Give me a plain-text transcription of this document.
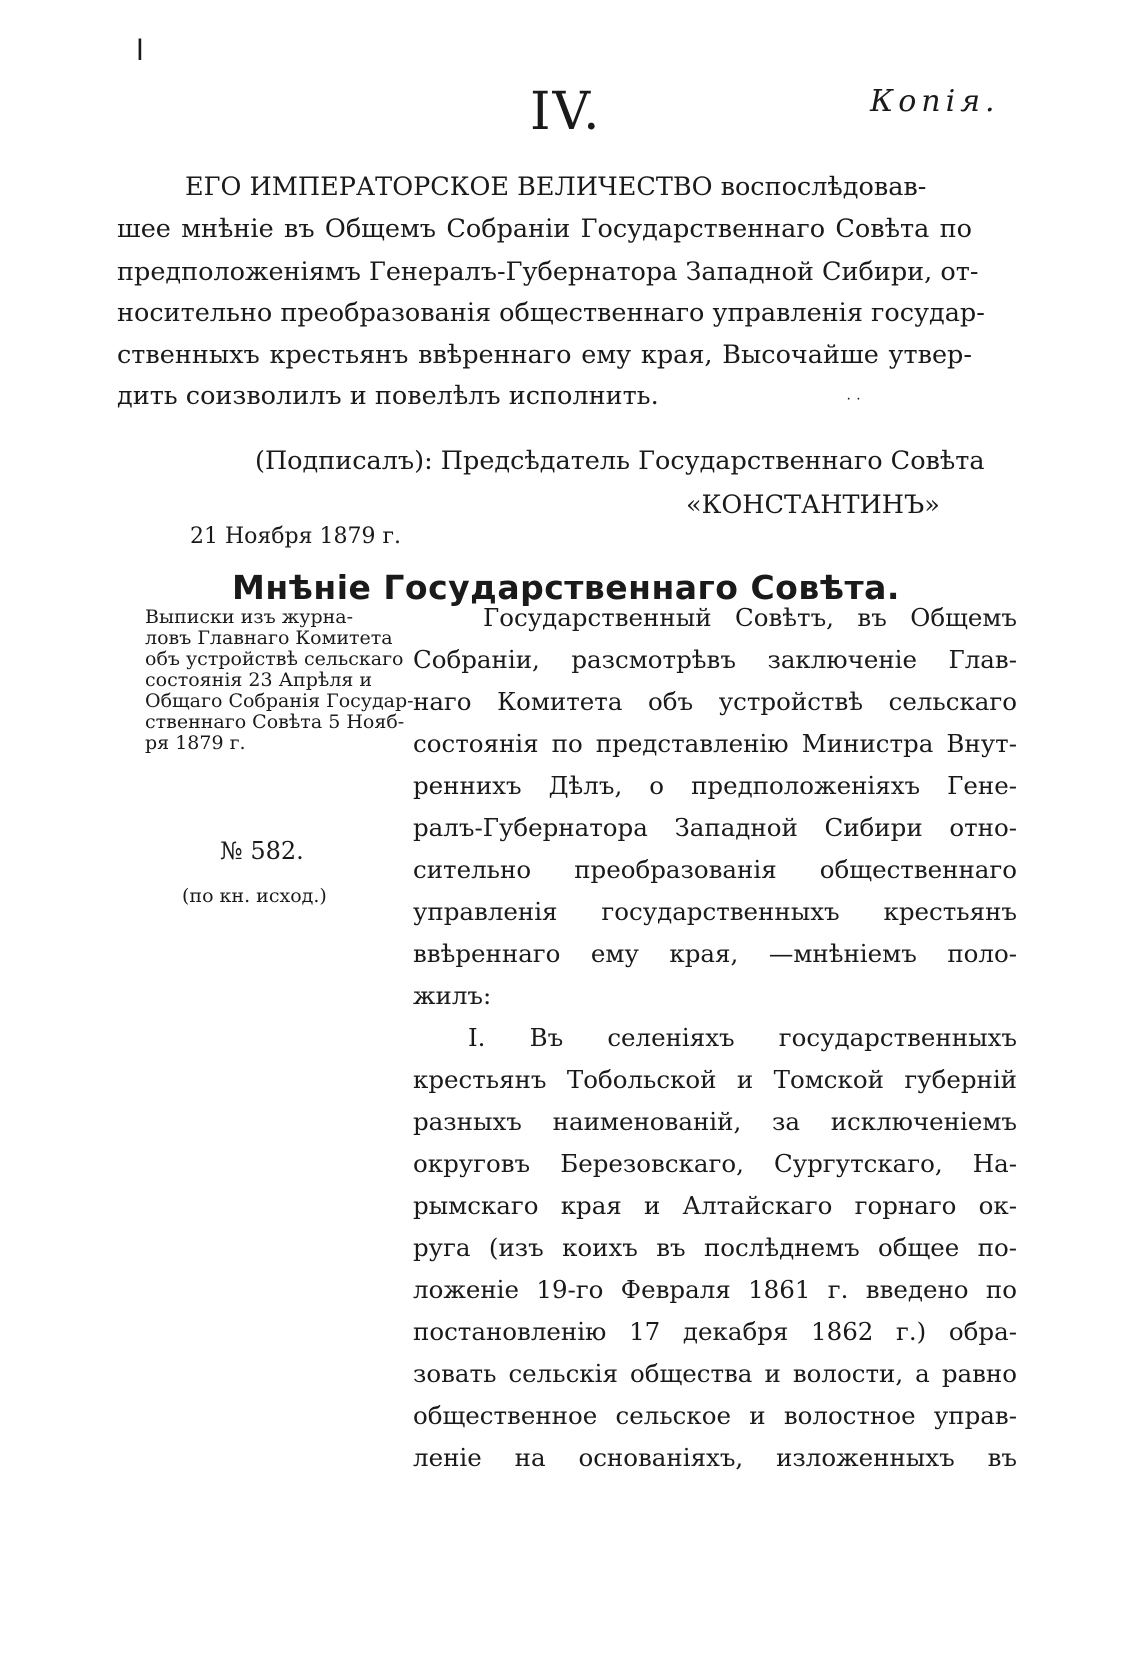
ǀ
· ·
IV.	Копія.
ЕГО ИМПЕРАТОРСКОЕ ВЕЛИЧЕСТВО воспослѣдовав-
шее мнѣніе въ Общемъ Собраніи Государственнаго Совѣта по
предположеніямъ Генералъ-Губернатора Западной Сибири, от-
носительно преобразованія общественнаго управленія государ-
ственныхъ крестьянъ ввѣреннаго ему края, Высочайше утвер-
дить соизволилъ и повелѣлъ исполнить.
(Подписалъ): Предсѣдатель Государственнаго Совѣта
«КОНСТАНТИНЪ»
21 Ноября 1879 г.
Мнѣніе Государственнаго Совѣта.
Выписки изъ журна-
ловъ Главнаго Комитета
объ устройствѣ сельскаго
состоянія 23 Апрѣля и
Общаго Собранія Государ-
ственнаго Совѣта 5 Нояб-
ря 1879 г.
№ 582.
(по кн. исход.)
Государственный Совѣтъ, въ Общемъ
Собраніи, разсмотрѣвъ заключеніе Глав-
наго Комитета объ устройствѣ сельскаго
состоянія по представленію Министра Внут-
реннихъ Дѣлъ, о предположеніяхъ Гене-
ралъ-Губернатора Западной Сибири отно-
сительно преобразованія общественнаго
управленія государственныхъ крестьянъ
ввѣреннаго ему края, —мнѣніемъ поло-
жилъ:
I. Въ селеніяхъ государственныхъ
крестьянъ Тобольской и Томской губерній
разныхъ наименованій, за исключеніемъ
округовъ Березовскаго, Сургутскаго, На-
рымскаго края и Алтайскаго горнаго ок-
руга (изъ коихъ въ послѣднемъ общее по-
ложеніе 19-го Февраля 1861 г. введено по
постановленію 17 декабря 1862 г.) обра-
зовать сельскія общества и волости, а равно
общественное сельское и волостное управ-
леніе на основаніяхъ, изложенныхъ въ
